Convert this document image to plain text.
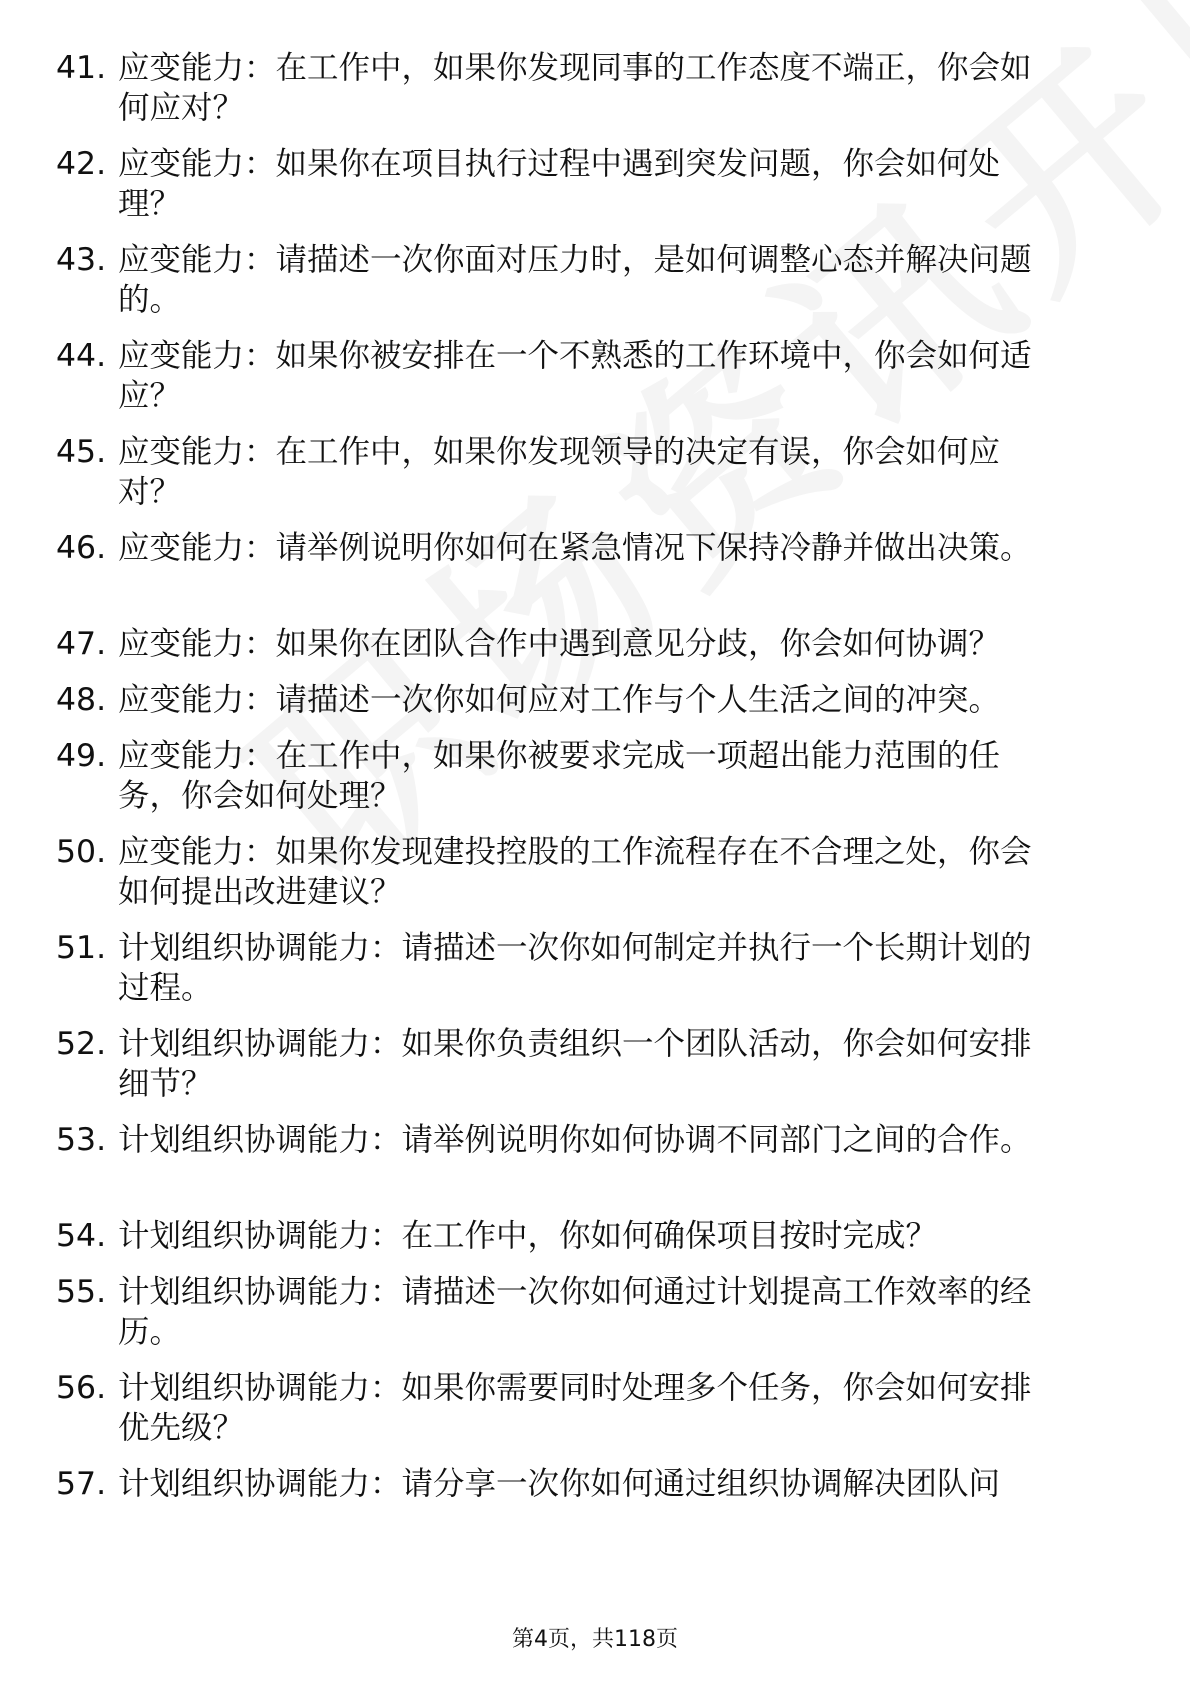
41. 应变能力：在工作中，如果你发现同事的工作态度不端正，你会如何应对？
42. 应变能力：如果你在项目执行过程中遇到突发问题，你会如何处理？
43. 应变能力：请描述一次你面对压力时，是如何调整心态并解决问题的。
44. 应变能力：如果你被安排在一个不熟悉的工作环境中，你会如何适应？
45. 应变能力：在工作中，如果你发现领导的决定有误，你会如何应对？
46. 应变能力：请举例说明你如何在紧急情况下保持冷静并做出决策。
47. 应变能力：如果你在团队合作中遇到意见分歧，你会如何协调？
48. 应变能力：请描述一次你如何应对工作与个人生活之间的冲突。
49. 应变能力：在工作中，如果你被要求完成一项超出能力范围的任务，你会如何处理？
50. 应变能力：如果你发现建投控股的工作流程存在不合理之处，你会如何提出改进建议？
51. 计划组织协调能力：请描述一次你如何制定并执行一个长期计划的过程。
52. 计划组织协调能力：如果你负责组织一个团队活动，你会如何安排细节？
53. 计划组织协调能力：请举例说明你如何协调不同部门之间的合作。
54. 计划组织协调能力：在工作中，你如何确保项目按时完成？
55. 计划组织协调能力：请描述一次你如何通过计划提高工作效率的经历。
56. 计划组织协调能力：如果你需要同时处理多个任务，你会如何安排优先级？
57. 计划组织协调能力：请分享一次你如何通过组织协调解决团队问
第4页，共118页
